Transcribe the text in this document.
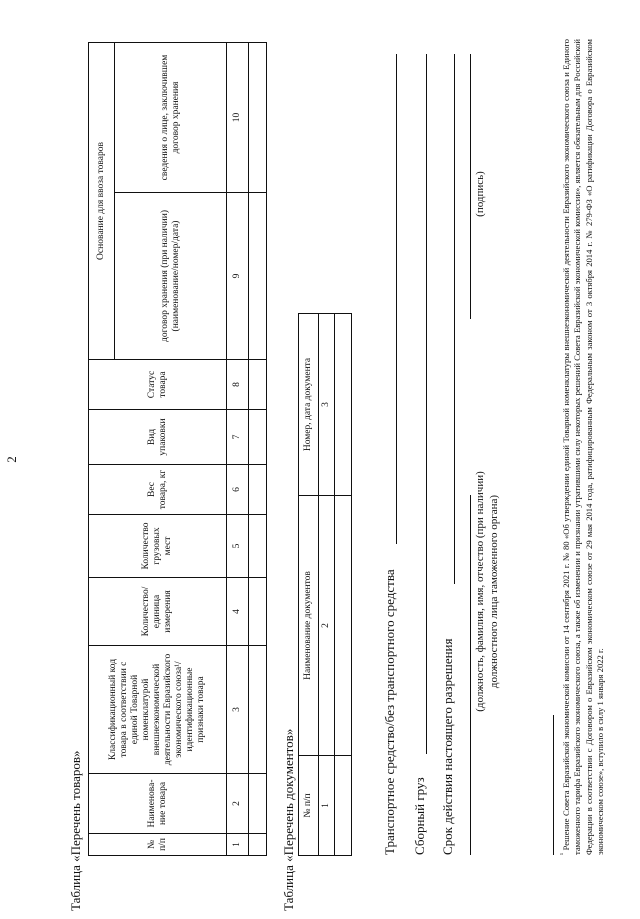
2
Таблица «Перечень товаров»	№ п/п	Наименова-ние товара	Классификационный код товара в соответствии с единой Товарной номенклатурой внешнеэкономической деятельности Евразийского экономического союза¹/ идентификационные признаки товара	Количество/ единица измерения	Количество грузовых мест	Вес товара, кг	Вид упаковки	Статус товара	Основание для ввоза товаров	
								договор хранения (при наличии) (наименование/номер/дата)	сведения о лице, заключившем договор хранения
1	2	3	4	5	6	7	8	9	10

Таблица «Перечень документов» № п/п	Наименование документов	Номер, дата документа
1	2	3

Транспортное средство/без транспортного средства Сборный груз Срок действия настоящего разрешения
(должность, фамилия, имя, отчество (при наличии) должностного лица таможенного органа)
(подпись)
$^{^1}$ Решение Совета Евразийской экономической комиссии от 14 сентября 2021 г. № 80 «Об утверждении единой Товарной номенклатуры внешнеэкономической деятельности Евразийского экономического союза и Единого таможенного тарифа Евразийского экономического союза, а также об изменении и признании утратившими силу некоторых решений Совета Евразийской экономической комиссии», является обязательным для Российской Федерации в соответствии с Договором о Евразийском экономическом союзе от 29 мая 2014 года, ратифицированным Федеральным законом от 3 октября 2014 г. № 279-ФЗ «О ратификации Договора о Евразийском экономическом союзе», вступило в силу 1 января 2022 г.
